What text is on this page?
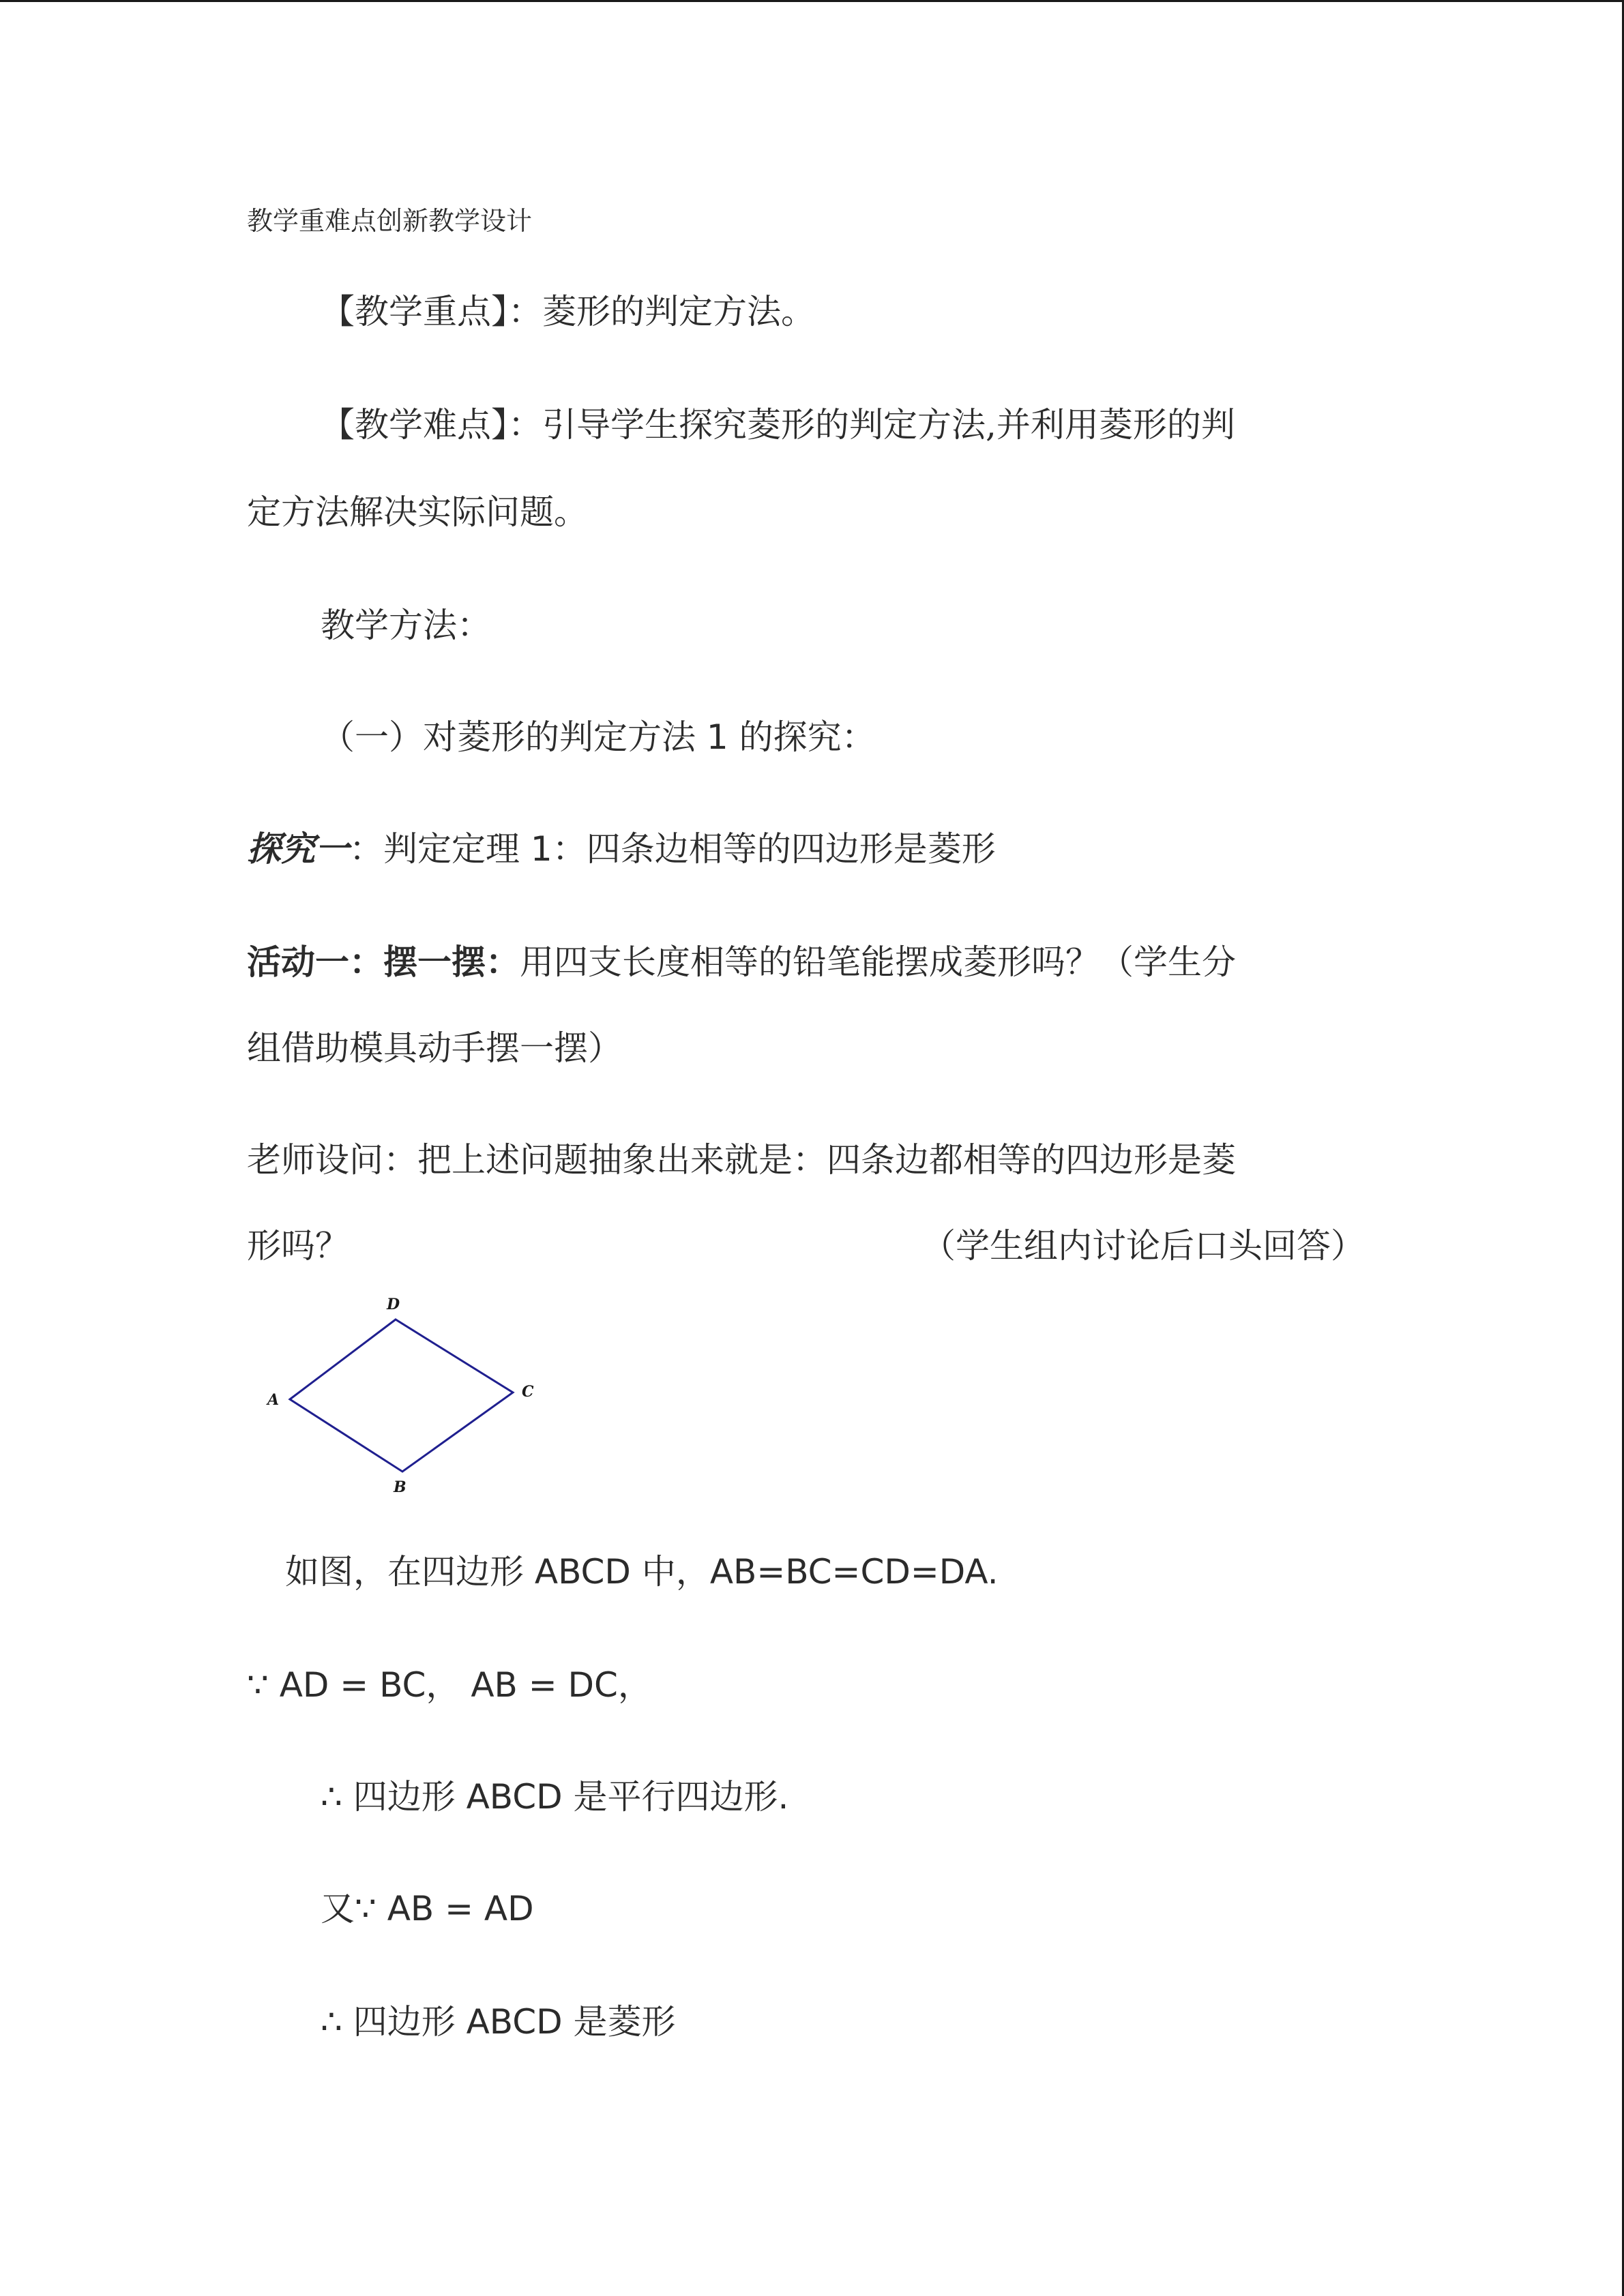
教学重难点创新教学设计
【教学重点】：菱形的判定方法。
【教学难点】：引导学生探究菱形的判定方法,并利用菱形的判
定方法解决实际问题。
教学方法：
（一）对菱形的判定方法 1 的探究：
探究一：判定定理 1：四条边相等的四边形是菱形
活动一：摆一摆：用四支长度相等的铅笔能摆成菱形吗？（学生分
组借助模具动手摆一摆）
老师设问：把上述问题抽象出来就是：四条边都相等的四边形是菱
形吗？	（学生组内讨论后口头回答）
A
B
C
D
如图，在四边形 ABCD 中，AB=BC=CD=DA.
∵ AD = BC， AB = DC，
∴ 四边形 ABCD 是平行四边形.
又∵ AB = AD
∴ 四边形 ABCD 是菱形
